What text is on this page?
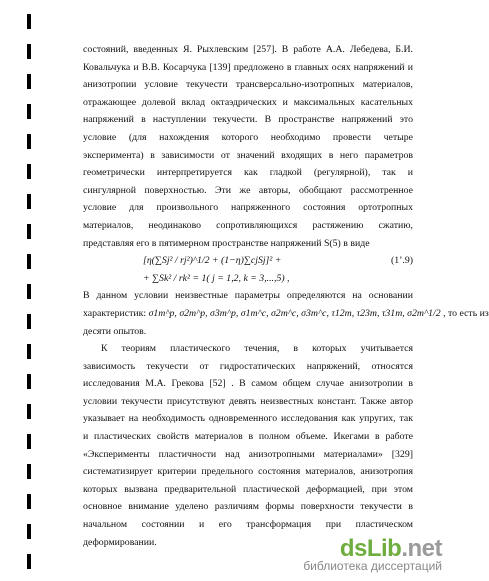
состояний, введенных Я. Рыхлевским [257]. В работе А.А. Лебедева, Б.И.
Ковальчука и В.В. Косарчука [139] предложено в главных осях напряжений и
анизотропии условие текучести трансверсально-изотропных материалов,
отражающее долевой вклад октаэдрических и максимальных касательных
напряжений в наступлении текучести. В пространстве напряжений это
условие (для нахождения которого необходимо провести четыре
эксперимента) в зависимости от значений входящих в него параметров
геометрически интерпретируется как гладкой (регулярной), так и
сингулярной поверхностью. Эти же авторы, обобщают рассмотренное
условие для произвольного напряженного состояния ортотропных
материалов, неодинаково сопротивляющихся растяжению сжатию,
представляя его в пятимерном пространстве напряжений S(5) в виде
[η(∑Sj² / rj²)^1/2 + (1−η)∑cjSj]² +	(1’.9)
+ ∑Sk² / rk² = 1( j = 1,2, k = 3,...,5) ,
В данном условии неизвестные параметры определяются на основании
характеристик: σ1m^p, σ2m^p, σ3m^p, σ1m^c, σ2m^c, σ3m^c, τ12m, τ23m, τ31m, σ2m^1/2 , то есть из
десяти опытов.
К теориям пластического течения, в которых учитывается
зависимость текучести от гидростатических напряжений, относятся
исследования М.А. Грекова [52] . В самом общем случае анизотропии в
условии текучести присутствуют девять неизвестных констант. Также автор
указывает на необходимость одновременного исследования как упругих, так
и пластических свойств материалов в полном объеме. Икегами в работе
«Эксперименты пластичности над анизотропными материалами» [329]
систематизирует критерии предельного состояния материалов, анизотропия
которых вызвана предварительной пластической деформацией, при этом
основное внимание уделено различиям формы поверхности текучести в
начальном состоянии и его трансформация при пластическом
деформировании.	dsLib.net
библиотека диссертаций
